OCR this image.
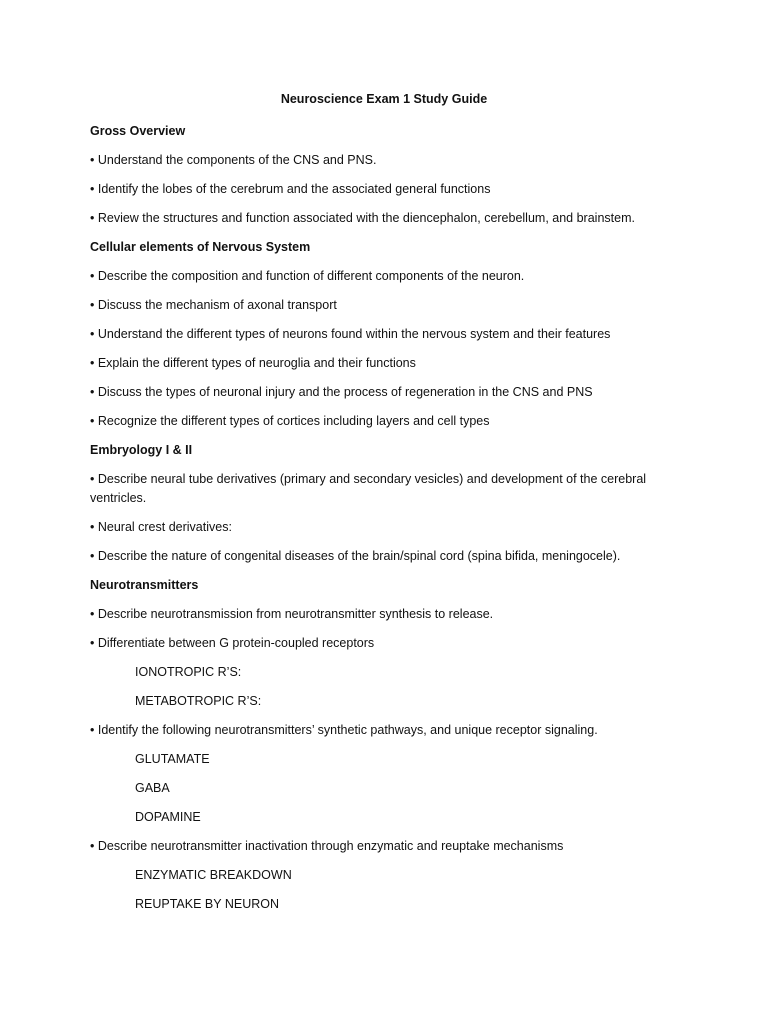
Neuroscience Exam 1 Study Guide

Gross Overview

• Understand the components of the CNS and PNS.

• Identify the lobes of the cerebrum and the associated general functions

• Review the structures and function associated with the diencephalon, cerebellum, and brainstem.

Cellular elements of Nervous System

• Describe the composition and function of different components of the neuron.

• Discuss the mechanism of axonal transport

• Understand the different types of neurons found within the nervous system and their features

• Explain the different types of neuroglia and their functions

• Discuss the types of neuronal injury and the process of regeneration in the CNS and PNS

• Recognize the different types of cortices including layers and cell types

Embryology I & II

• Describe neural tube derivatives (primary and secondary vesicles) and development of the cerebral ventricles.

• Neural crest derivatives:

• Describe the nature of congenital diseases of the brain/spinal cord (spina bifida, meningocele).

Neurotransmitters

• Describe neurotransmission from neurotransmitter synthesis to release.

• Differentiate between G protein-coupled receptors

IONOTROPIC R’S:

METABOTROPIC R’S:

• Identify the following neurotransmitters’ synthetic pathways, and unique receptor signaling.

GLUTAMATE

GABA

DOPAMINE

• Describe neurotransmitter inactivation through enzymatic and reuptake mechanisms

ENZYMATIC BREAKDOWN

REUPTAKE BY NEURON
